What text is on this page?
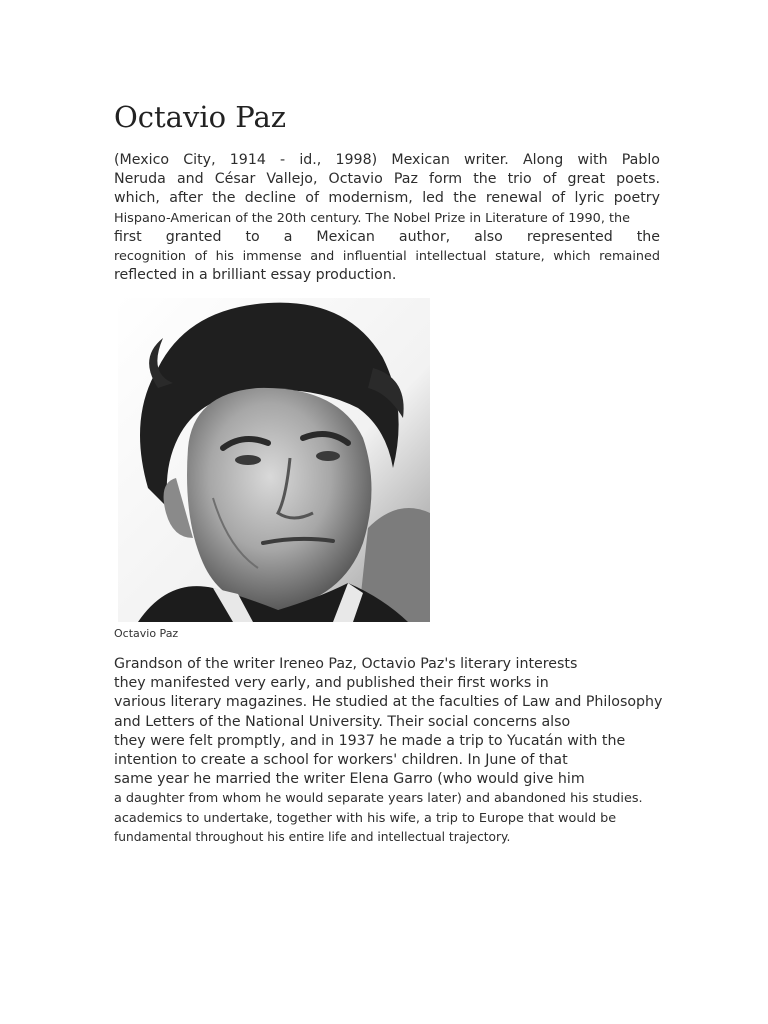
Octavio Paz
(Mexico City, 1914 - id., 1998) Mexican writer. Along with Pablo
Neruda and César Vallejo, Octavio Paz form the trio of great poets.
which, after the decline of modernism, led the renewal of lyric poetry
Hispano-American of the 20th century. The Nobel Prize in Literature of 1990, the
first granted to a Mexican author, also represented the
recognition of his immense and influential intellectual stature, which remained
reflected in a brilliant essay production.
Octavio Paz
Grandson of the writer Ireneo Paz, Octavio Paz's literary interests
they manifested very early, and published their first works in
various literary magazines. He studied at the faculties of Law and Philosophy
and Letters of the National University. Their social concerns also
they were felt promptly, and in 1937 he made a trip to Yucatán with the
intention to create a school for workers' children. In June of that
same year he married the writer Elena Garro (who would give him
a daughter from whom he would separate years later) and abandoned his studies.
academics to undertake, together with his wife, a trip to Europe that would be
fundamental throughout his entire life and intellectual trajectory.
